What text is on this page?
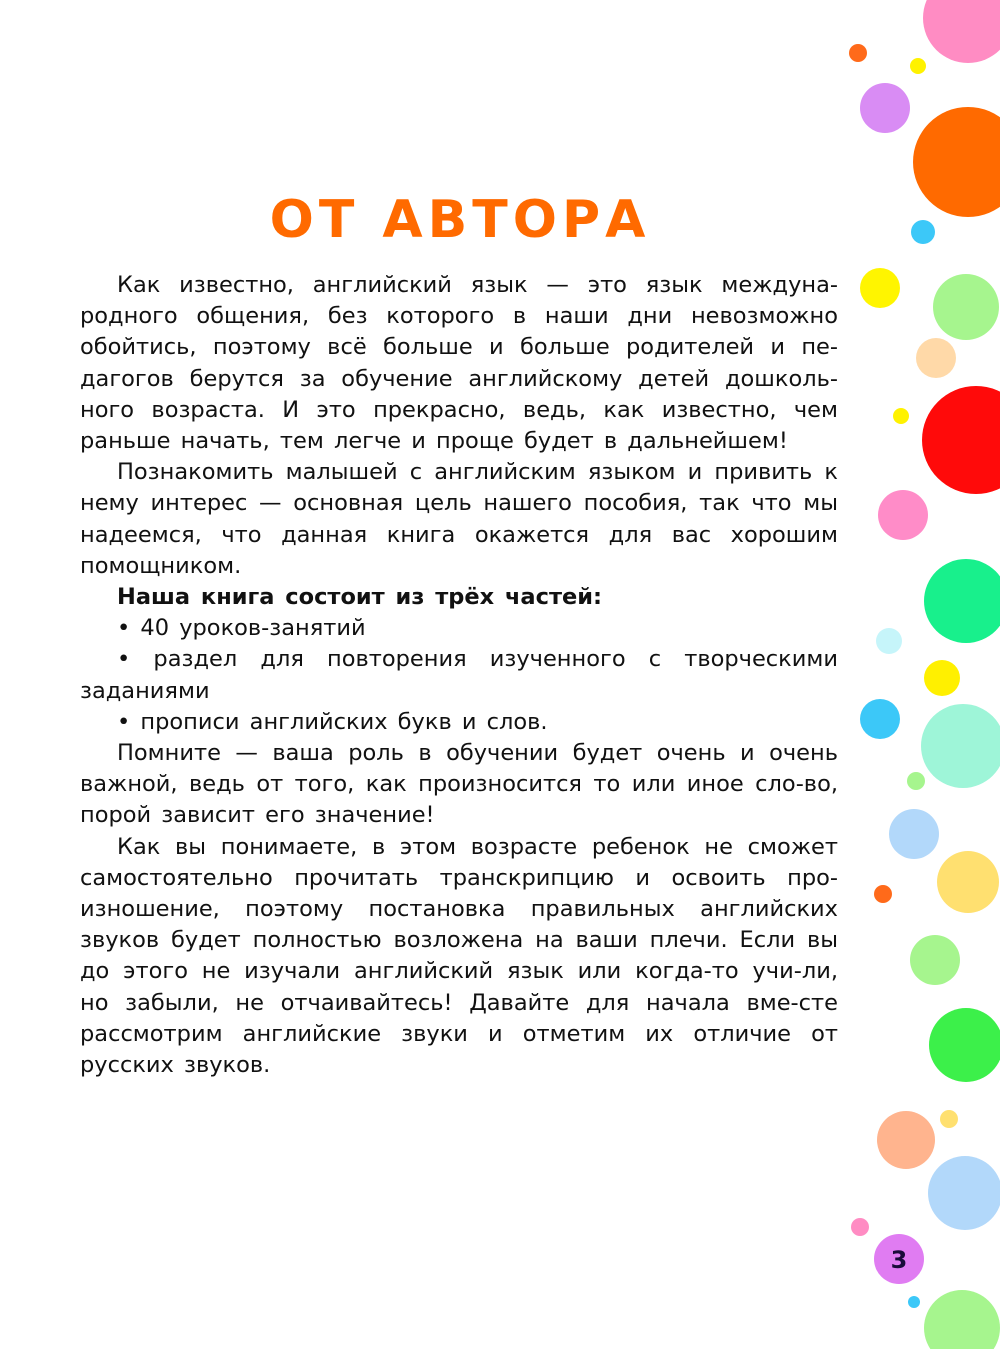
ОТ АВТОРА

Как известно, английский язык — это язык междуна-родного общения, без которого в наши дни невозможно обойтись, поэтому всё больше и больше родителей и пе-дагогов берутся за обучение английскому детей дошколь-ного возраста. И это прекрасно, ведь, как известно, чем раньше начать, тем легче и проще будет в дальнейшем!

Познакомить малышей с английским языком и привить к нему интерес — основная цель нашего пособия, так что мы надеемся, что данная книга окажется для вас хорошим помощником.

Наша книга состоит из трёх частей:

• 40 уроков-занятий

• раздел для повторения изученного с творческими заданиями

• прописи английских букв и слов.

Помните — ваша роль в обучении будет очень и очень важной, ведь от того, как произносится то или иное сло-во, порой зависит его значение!

Как вы понимаете, в этом возрасте ребенок не сможет самостоятельно прочитать транскрипцию и освоить про-изношение, поэтому постановка правильных английских звуков будет полностью возложена на ваши плечи. Если вы до этого не изучали английский язык или когда-то учи-ли, но забыли, не отчаивайтесь! Давайте для начала вме-сте рассмотрим английские звуки и отметим их отличие от русских звуков.

3
